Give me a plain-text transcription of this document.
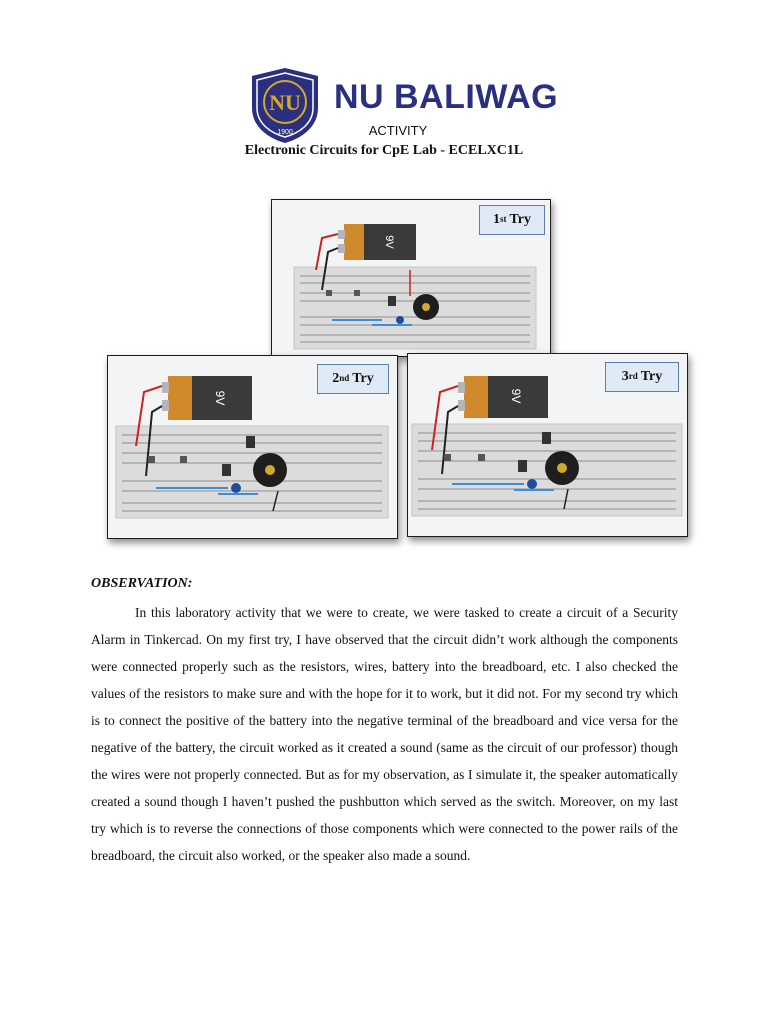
NU
1900
NU BALIWAG
ACTIVITY
Electronic Circuits for CpE Lab - ECELXC1L
9V
1st Try
9V
2nd Try
9V
3rd Try
OBSERVATION:

In this laboratory activity that we were to create, we were tasked to create a circuit of a Security Alarm in Tinkercad. On my first try, I have observed that the circuit didn’t work although the components were connected properly such as the resistors, wires, battery into the breadboard, etc. I also checked the values of the resistors to make sure and with the hope for it to work, but it did not. For my second try which is to connect the positive of the battery into the negative terminal of the breadboard and vice versa for the negative of the battery, the circuit worked as it created a sound (same as the circuit of our professor) though the wires were not properly connected. But as for my observation, as I simulate it, the speaker automatically created a sound though I haven’t pushed the pushbutton which served as the switch. Moreover, on my last try which is to reverse the connections of those components which were connected to the power rails of the breadboard, the circuit also worked, or the speaker also made a sound.
